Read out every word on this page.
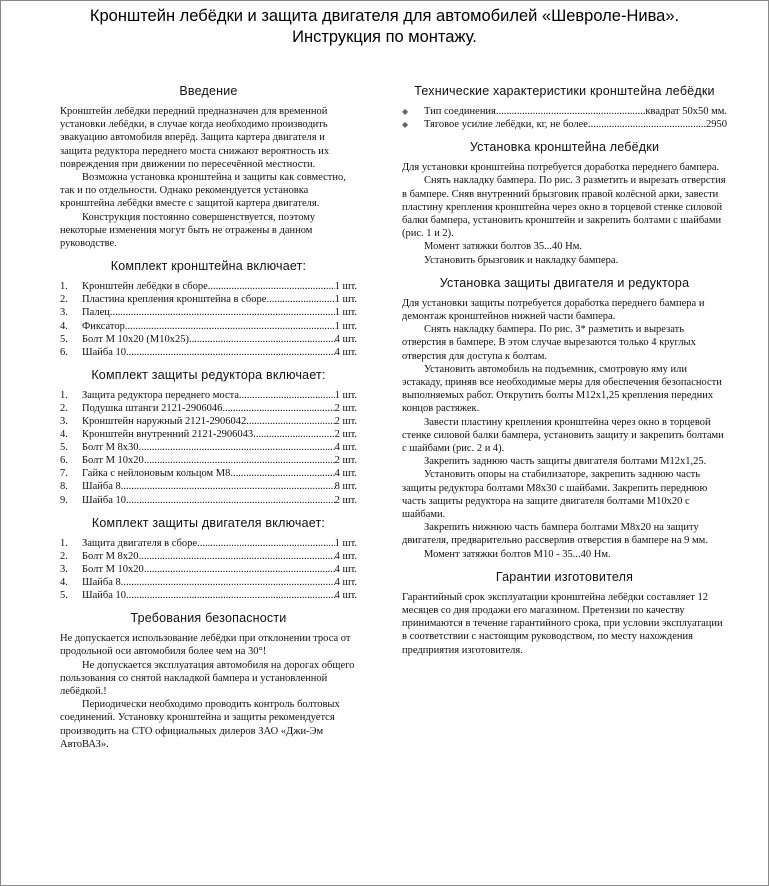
Кронштейн лебёдки и защита двигателя для автомобилей «Шевроле-Нива».
Инструкция по монтажу.
Введение

Кронштейн лебёдки передний предназначен для временной установки лебёдки, в случае когда необходимо производить эвакуацию автомобиля вперёд. Защита картера двигателя и защита редуктора переднего моста снижают вероятность их повреждения при движении по пересечённой местности.

Возможна установка кронштейна и защиты как совместно, так и по отдельности. Однако рекомендуется установка кронштейна лебёдки вместе с защитой картера двигателя.

Конструкция постоянно совершенствуется, поэтому некоторые изменения могут быть не отражены в данном руководстве.

Комплект кронштейна включает:
1.	Кронштейн лебёдки в сборе .....	1 шт.
2.	Пластина крепления кронштейна в сборе .....	1 шт.
3.	Палец .....	1 шт.
4.	Фиксатор .....	1 шт.
5.	Болт М 10x20 (М10x25) .....	4 шт.
6.	Шайба 10 .....	4 шт.
Комплект защиты редуктора включает:
1.	Защита редуктора переднего моста .....	1 шт.
2.	Подушка штанги 2121-2906046 .....	2 шт.
3.	Кронштейн наружный 2121-2906042 .....	2 шт.
4.	Кронштейн внутренний 2121-2906043 .....	2 шт.
5.	Болт М 8x30 .....	4 шт.
6.	Болт М 10x20 .....	2 шт.
7.	Гайка с нейлоновым кольцом М8 .....	4 шт.
8.	Шайба 8 .....	8 шт.
9.	Шайба 10 .....	2 шт.
Комплект защиты двигателя включает:
1.	Защита двигателя в сборе .....	1 шт.
2.	Болт М 8x20 .....	4 шт.
3.	Болт М 10x20 .....	4 шт.
4.	Шайба 8 .....	4 шт.
5.	Шайба 10 .....	4 шт.
Требования безопасности

Не допускается использование лебёдки при отклонении троса от продольной оси автомобиля более чем на 30°!

Не допускается эксплуатация автомобиля на дорогах общего пользования со снятой накладкой бампера и установленной лебёдкой.!

Периодически необходимо проводить контроль болтовых соединений. Установку кронштейна и защиты рекомендуется производить на СТО официальных дилеров ЗАО «Джи-Эм АвтоВАЗ».

Технические характеристики кронштейна лебёдки
◆	Тип соединения .....	квадрат 50x50 мм.
◆	Тяговое усилие лебёдки, кг, не более .....	2950
Установка кронштейна лебёдки

Для установки кронштейна потребуется доработка переднего бампера.

Снять накладку бампера. По рис. 3 разметить и вырезать отверстия в бампере. Сняв внутренний брызговик правой колёсной арки, завести пластину крепления кронштейна через окно в торцевой стенке силовой балки бампера, установить кронштейн и закрепить болтами с шайбами (рис. 1 и 2).

Момент затяжки болтов 35...40 Нм.

Установить брызговик и накладку бампера.

Установка защиты двигателя и редуктора

Для установки защиты потребуется доработка переднего бампера и демонтаж кронштейнов нижней части бампера.

Снять накладку бампера. По рис. 3* разметить и вырезать отверстия в бампере. В этом случае вырезаются только 4 круглых отверстия для доступа к болтам.

Установить автомобиль на подъемник, смотровую яму или эстакаду, приняв все необходимые меры для обеспечения безопасности выполняемых работ. Открутить болты М12x1,25 крепления передних концов растяжек.

Завести пластину крепления кронштейна через окно в торцевой стенке силовой балки бампера, установить защиту и закрепить болтами с шайбами (рис. 2 и 4).

Закрепить заднюю часть защиты двигателя болтами М12x1,25.

Установить опоры на стабилизаторе, закрепить заднюю часть защиты редуктора болтами М8x30 с шайбами. Закрепить переднюю часть защиты редуктора на защите двигателя болтами М10x20 с шайбами.

Закрепить нижнюю часть бампера болтами М8x20 на защиту двигателя, предварительно рассверлив отверстия в бампере на 9 мм.

Момент затяжки болтов М10 - 35...40 Нм.

Гарантии изготовителя

Гарантийный срок эксплуатации кронштейна лебёдки составляет 12 месяцев со дня продажи его магазином. Претензии по качеству принимаются в течение гарантийного срока, при условии эксплуатации в соответствии с настоящим руководством, по месту нахождения предприятия изготовителя.
